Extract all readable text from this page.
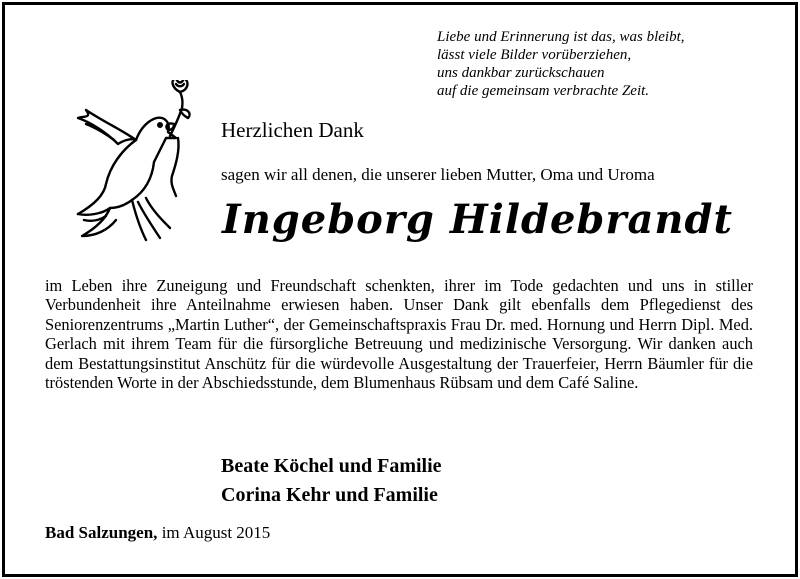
Liebe und Erinnerung ist das, was bleibt,
lässt viele Bilder vorüberziehen,
uns dankbar zurückschauen
auf die gemeinsam verbrachte Zeit.
Herzlichen Dank
sagen wir all denen, die unserer lieben Mutter, Oma und Uroma
Ingeborg Hildebrandt
im Leben ihre Zuneigung und Freundschaft schenkten, ihrer im Tode gedachten und uns in stiller Verbundenheit ihre Anteilnahme erwiesen haben. Unser Dank gilt ebenfalls dem Pflegedienst des Seniorenzentrums „Martin Luther“, der Gemeinschaftspraxis Frau Dr. med. Hornung und Herrn Dipl. Med. Gerlach mit ihrem Team für die fürsorgliche Betreuung und medizinische Versorgung. Wir danken auch dem Bestattungsinstitut Anschütz für die würdevolle Ausgestaltung der Trauerfeier, Herrn Bäumler für die tröstenden Worte in der Abschiedsstunde, dem Blumenhaus Rübsam und dem Café Saline.
Beate Köchel und Familie
Corina Kehr und Familie
Bad Salzungen, im August 2015
